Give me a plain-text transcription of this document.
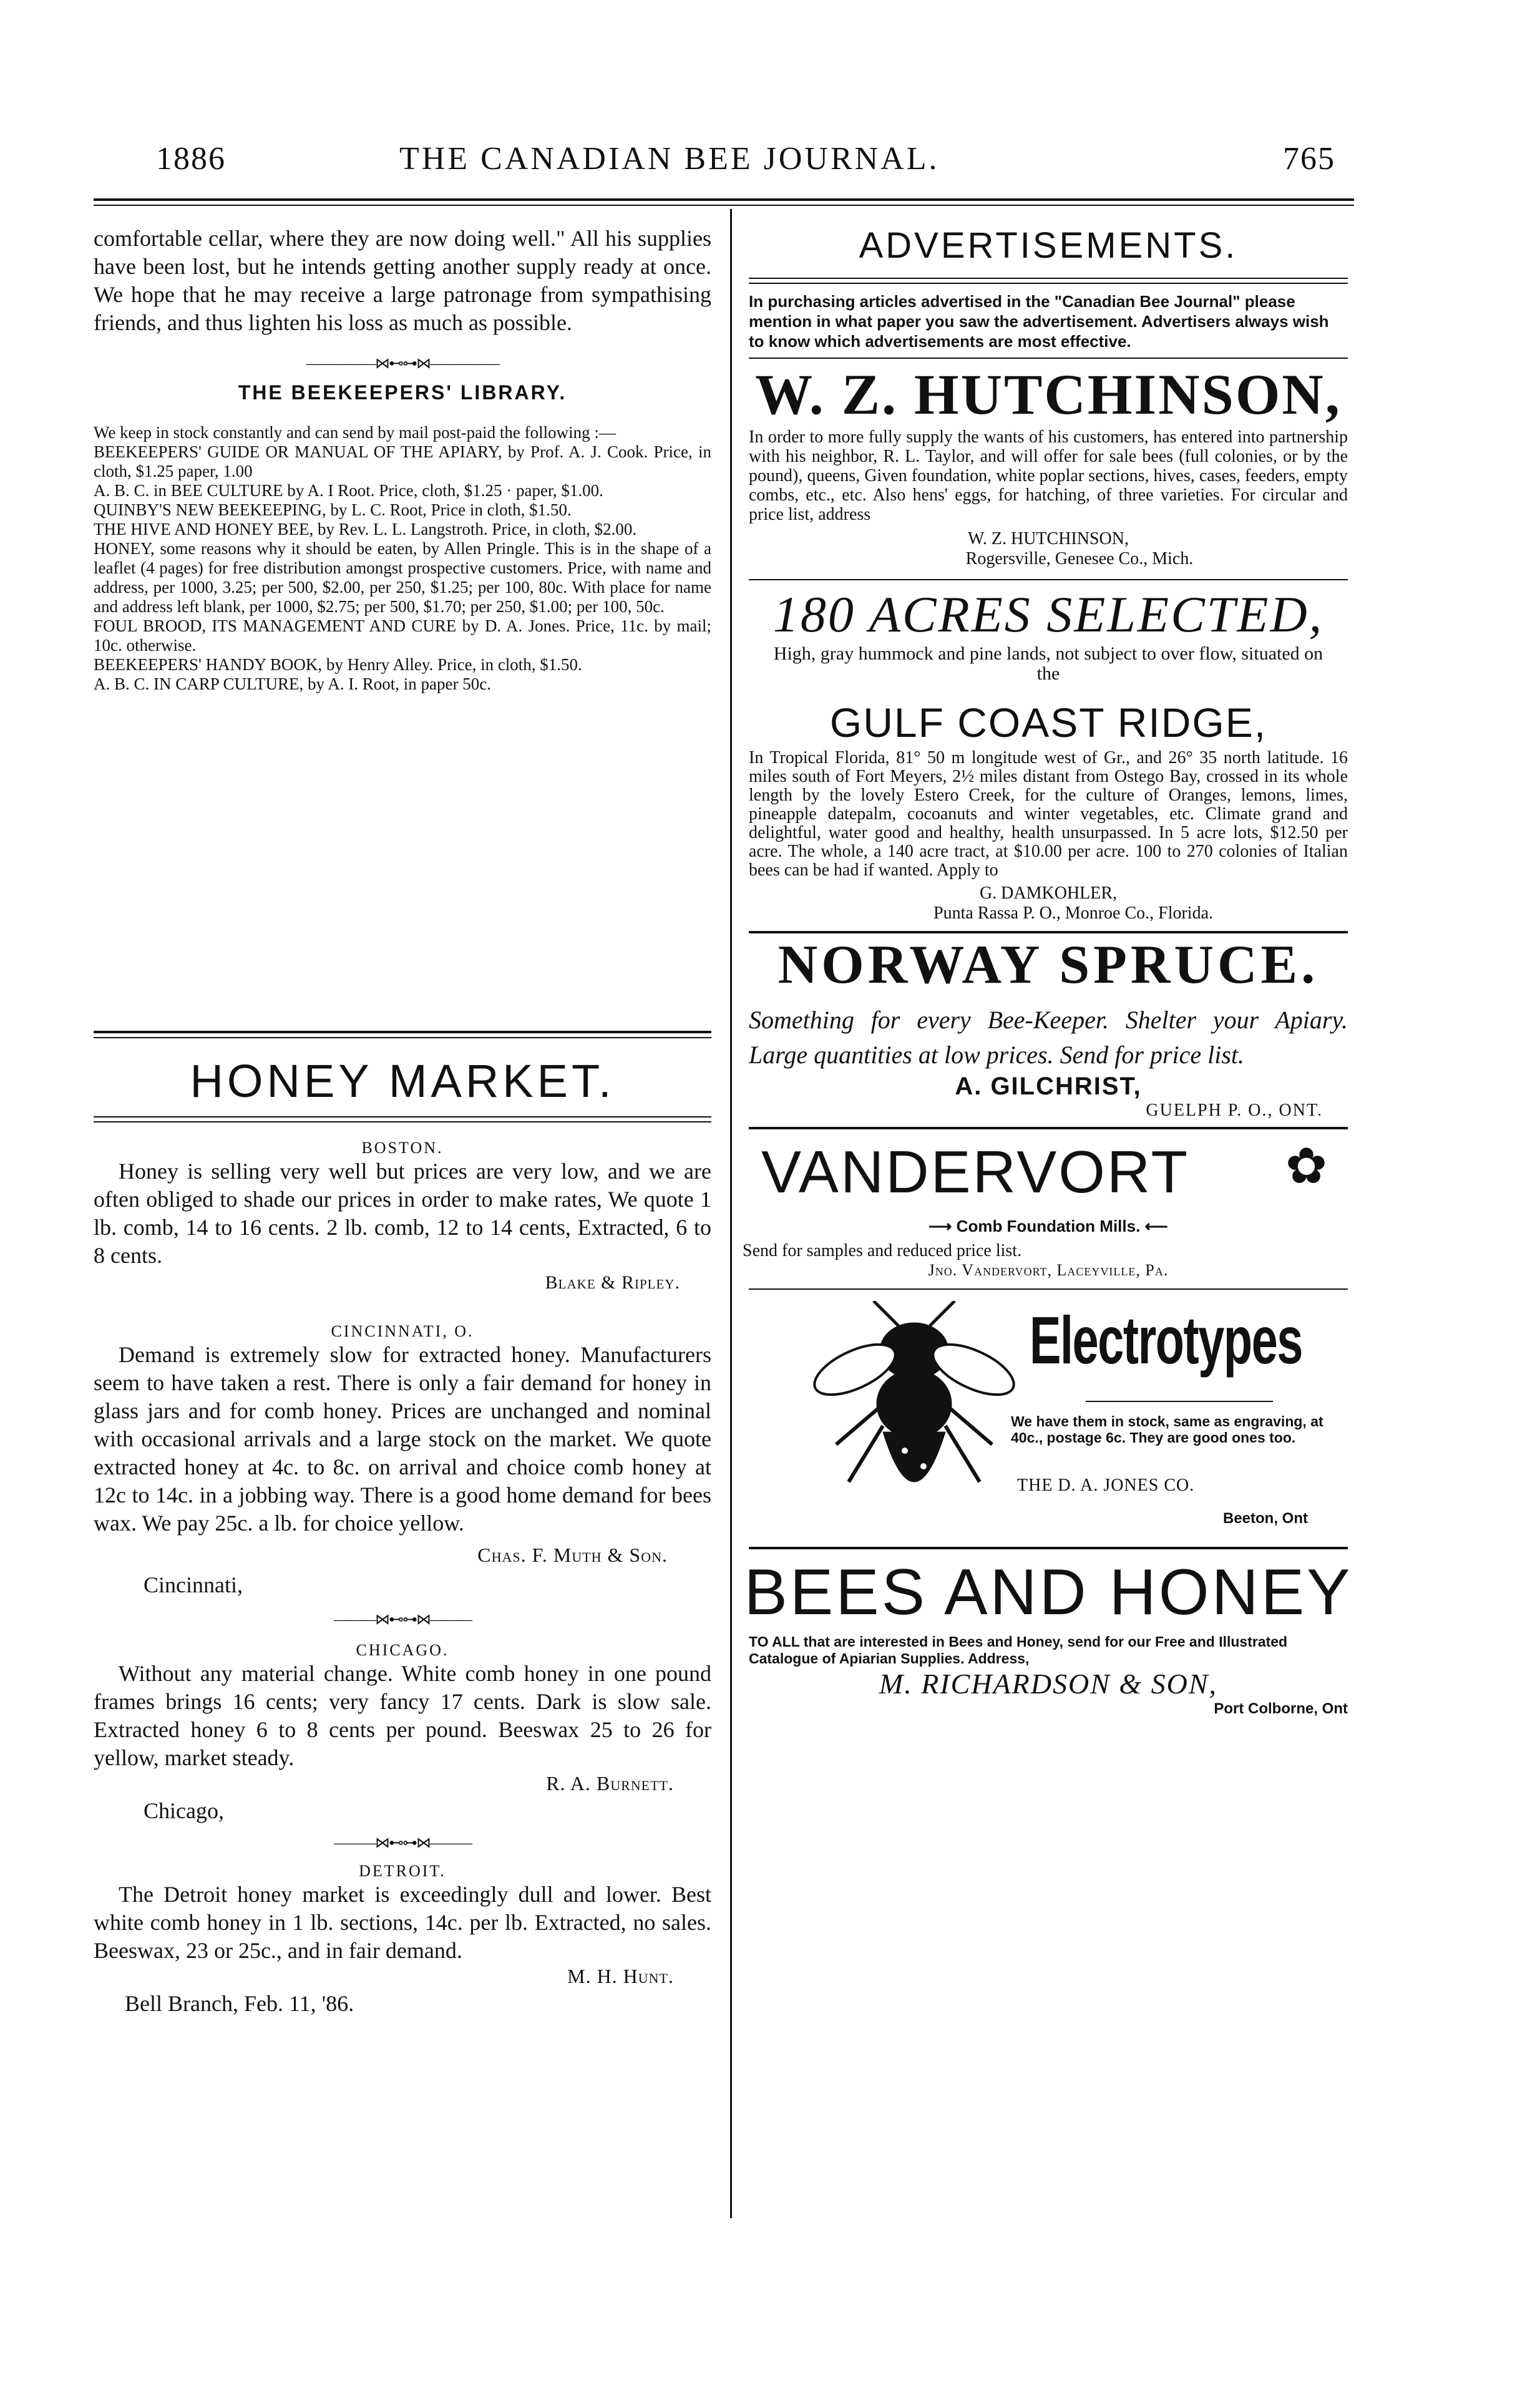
1886	THE CANADIAN BEE JOURNAL.	765

comfortable cellar, where they are now doing well." All his supplies have been lost, but he intends getting another supply ready at once. We hope that he may receive a large patronage from sympathising friends, and thus lighten his loss as much as possible.

—————⋈⊷⊶⋈—————
THE BEEKEEPERS' LIBRARY.

We keep in stock constantly and can send by mail post-paid the following :—

BEEKEEPERS' GUIDE OR MANUAL OF THE APIARY, by Prof. A. J. Cook. Price, in cloth, $1.25 paper, 1.00

A. B. C. in BEE CULTURE by A. I Root. Price, cloth, $1.25 · paper, $1.00.

QUINBY'S NEW BEEKEEPING, by L. C. Root, Price in cloth, $1.50.

THE HIVE AND HONEY BEE, by Rev. L. L. Langstroth. Price, in cloth, $2.00.

HONEY, some reasons why it should be eaten, by Allen Pringle. This is in the shape of a leaflet (4 pages) for free distribution amongst prospective customers. Price, with name and address, per 1000, 3.25; per 500, $2.00, per 250, $1.25; per 100, 80c. With place for name and address left blank, per 1000, $2.75; per 500, $1.70; per 250, $1.00; per 100, 50c.

FOUL BROOD, ITS MANAGEMENT AND CURE by D. A. Jones. Price, 11c. by mail; 10c. otherwise.

BEEKEEPERS' HANDY BOOK, by Henry Alley. Price, in cloth, $1.50.

A. B. C. IN CARP CULTURE, by A. I. Root, in paper 50c.

HONEY MARKET.
BOSTON.

Honey is selling very well but prices are very low, and we are often obliged to shade our prices in order to make rates, We quote 1 lb. comb, 14 to 16 cents. 2 lb. comb, 12 to 14 cents, Extracted, 6 to 8 cents.

Blake & Ripley.
CINCINNATI, O.

Demand is extremely slow for extracted honey. Manufacturers seem to have taken a rest. There is only a fair demand for honey in glass jars and for comb honey. Prices are unchanged and nominal with occasional arrivals and a large stock on the market. We quote extracted honey at 4c. to 8c. on arrival and choice comb honey at 12c to 14c. in a jobbing way. There is a good home demand for bees wax. We pay 25c. a lb. for choice yellow.

Chas. F. Muth & Son.
Cincinnati,
———⋈⊷⊶⋈———
CHICAGO.

Without any material change. White comb honey in one pound frames brings 16 cents; very fancy 17 cents. Dark is slow sale. Extracted honey 6 to 8 cents per pound. Beeswax 25 to 26 for yellow, market steady.

R. A. Burnett.
Chicago,
———⋈⊷⊶⋈———
DETROIT.

The Detroit honey market is exceedingly dull and lower. Best white comb honey in 1 lb. sections, 14c. per lb. Extracted, no sales. Beeswax, 23 or 25c., and in fair demand.

M. H. Hunt.
Bell Branch, Feb. 11, '86.
ADVERTISEMENTS.
In purchasing articles advertised in the "Canadian Bee Journal" please mention in what paper you saw the advertisement. Advertisers always wish to know which advertisements are most effective.
W. Z. HUTCHINSON,

In order to more fully supply the wants of his customers, has entered into partnership with his neighbor, R. L. Taylor, and will offer for sale bees (full colonies, or by the pound), queens, Given foundation, white poplar sections, hives, cases, feeders, empty combs, etc., etc. Also hens' eggs, for hatching, of three varieties. For circular and price list, address

W. Z. HUTCHINSON,
Rogersville, Genesee Co., Mich.
180 ACRES SELECTED,
High, gray hummock and pine lands, not subject to over flow, situated on the
GULF COAST RIDGE,

In Tropical Florida, 81° 50 m longitude west of Gr., and 26° 35 north latitude. 16 miles south of Fort Meyers, 2½ miles distant from Ostego Bay, crossed in its whole length by the lovely Estero Creek, for the culture of Oranges, lemons, limes, pineapple datepalm, cocoanuts and winter vegetables, etc. Climate grand and delightful, water good and healthy, health unsurpassed. In 5 acre lots, $12.50 per acre. The whole, a 140 acre tract, at $10.00 per acre. 100 to 270 colonies of Italian bees can be had if wanted. Apply to

G. DAMKOHLER,
Punta Rassa P. O., Monroe Co., Florida.
NORWAY SPRUCE.
Something for every Bee-Keeper. Shelter your Apiary. Large quantities at low prices. Send for price list.
A. GILCHRIST,
GUELPH P. O., ONT.
VANDERVORT ✿
⟶ Comb Foundation Mills. ⟵
Send for samples and reduced price list.
Jno. Vandervort, Laceyville, Pa.
Electrotypes
We have them in stock, same as engraving, at 40c., postage 6c. They are good ones too.
THE D. A. JONES CO.
Beeton, Ont
BEES AND HONEY
TO ALL that are interested in Bees and Honey, send for our Free and Illustrated Catalogue of Apiarian Supplies. Address,
M. RICHARDSON & SON,
Port Colborne, Ont
